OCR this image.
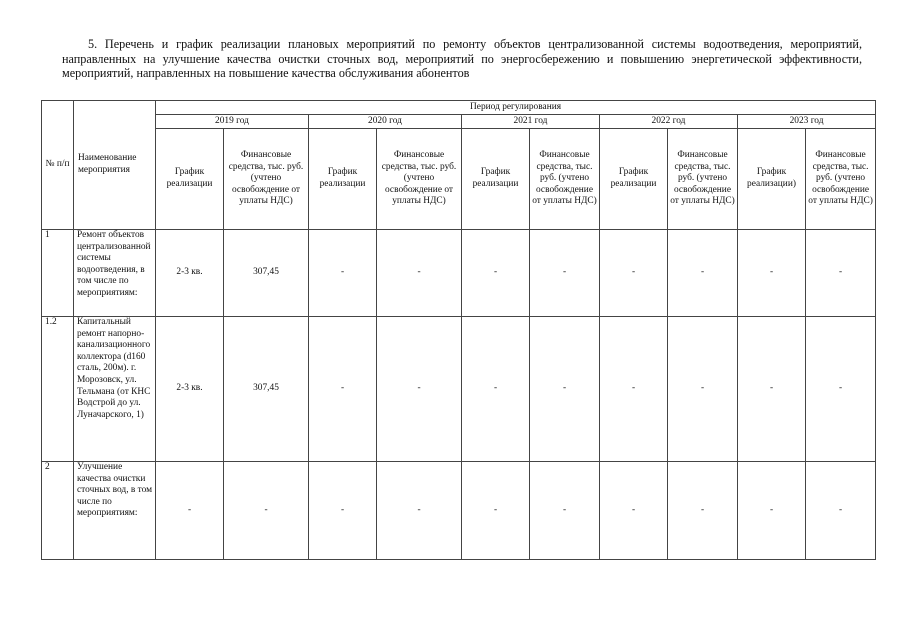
5. Перечень и график реализации плановых мероприятий по ремонту объектов централизованной системы водоотведения, мероприятий, направленных на улучшение качества очистки сточных вод, мероприятий по энергосбережению и повышению энергетической эффективности, мероприятий, направленных на повышение качества обслуживания абонентов
№ п/п	Наименование мероприятия	Период регулирования									
		2019 год		2020 год		2021 год		2022 год		2023 год	
		График реализации	Финансовые средства, тыс. руб. (учтено освобождение от уплаты НДС)	График реализации	Финансовые средства, тыс. руб. (учтено освобождение от уплаты НДС)	График реализации	Финансовые средства, тыс. руб. (учтено освобождение от уплаты НДС)	График реализации	Финансовые средства, тыс. руб. (учтено освобождение от уплаты НДС)	График реализации)	Финансовые средства, тыс. руб. (учтено освобождение от уплаты НДС)
1	Ремонт объектов централизованной системы водоотведения, в том числе по мероприятиям:	2-3 кв.	307,45	-	-	-	-	-	-	-	-
1.2	Капитальный ремонт напорно-канализационного коллектора (d160 сталь, 200м). г. Морозовск, ул. Тельмана (от КНС Водстрой до ул. Луначарского, 1)	2-3 кв.	307,45	-	-	-	-	-	-	-	-
2	Улучшение качества очистки сточных вод, в том числе по мероприятиям:	-	-	-	-	-	-	-	-	-	-
